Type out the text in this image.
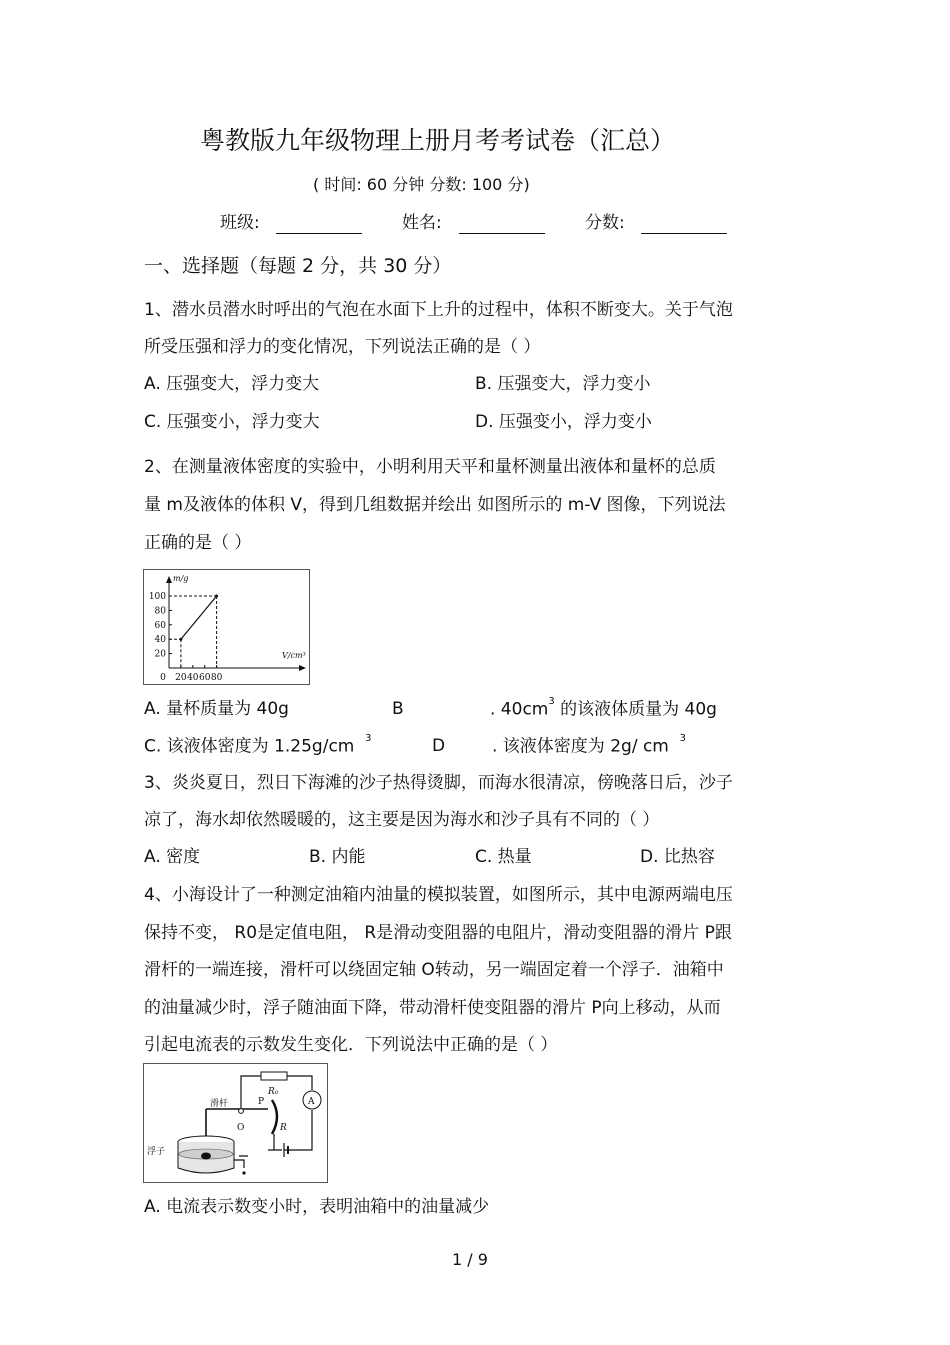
粤教版九年级物理上册月考考试卷（汇总）
( 时间: 60 分钟 分数: 100 分)
班级:	姓名:	分数:
一、选择题（每题 2 分，共 30 分）
1、潜水员潜水时呼出的气泡在水面下上升的过程中，体积不断变大。关于气泡
所受压强和浮力的变化情况，下列说法正确的是（ ）
A. 压强变大，浮力变大	B. 压强变大，浮力变小
C. 压强变小，浮力变大	D. 压强变小，浮力变小
2、在测量液体密度的实验中，小明利用天平和量杯测量出液体和量杯的总质
量 m及液体的体积 V，得到几组数据并绘出 如图所示的 m-V 图像，下列说法
正确的是（ ）
m/g
V/cm³
100
80
60
40
20
0 20 40 60 80
A. 量杯质量为 40g	B	. $40cm^3$ 的该液体质量为 40g
C. 该液体密度为 1.25g/cm $^3$	D	. 该液体密度为 2g/ cm $^3$
3、炎炎夏日，烈日下海滩的沙子热得烫脚，而海水很清凉，傍晚落日后，沙子
凉了，海水却依然暖暖的，这主要是因为海水和沙子具有不同的（ ）
A. 密度	B. 内能	C. 热量	D. 比热容
4、小海设计了一种测定油箱内油量的模拟装置，如图所示，其中电源两端电压
保持不变， R0是定值电阻， R是滑动变阻器的电阻片，滑动变阻器的滑片 P跟
滑杆的一端连接，滑杆可以绕固定轴 O转动，另一端固定着一个浮子．油箱中
的油量减少时，浮子随油面下降，带动滑杆使变阻器的滑片 P向上移动，从而
引起电流表的示数发生变化．下列说法中正确的是（ ）
R₀
A
R
O
P
滑杆
浮子
A. 电流表示数变小时，表明油箱中的油量减少
1 / 9
